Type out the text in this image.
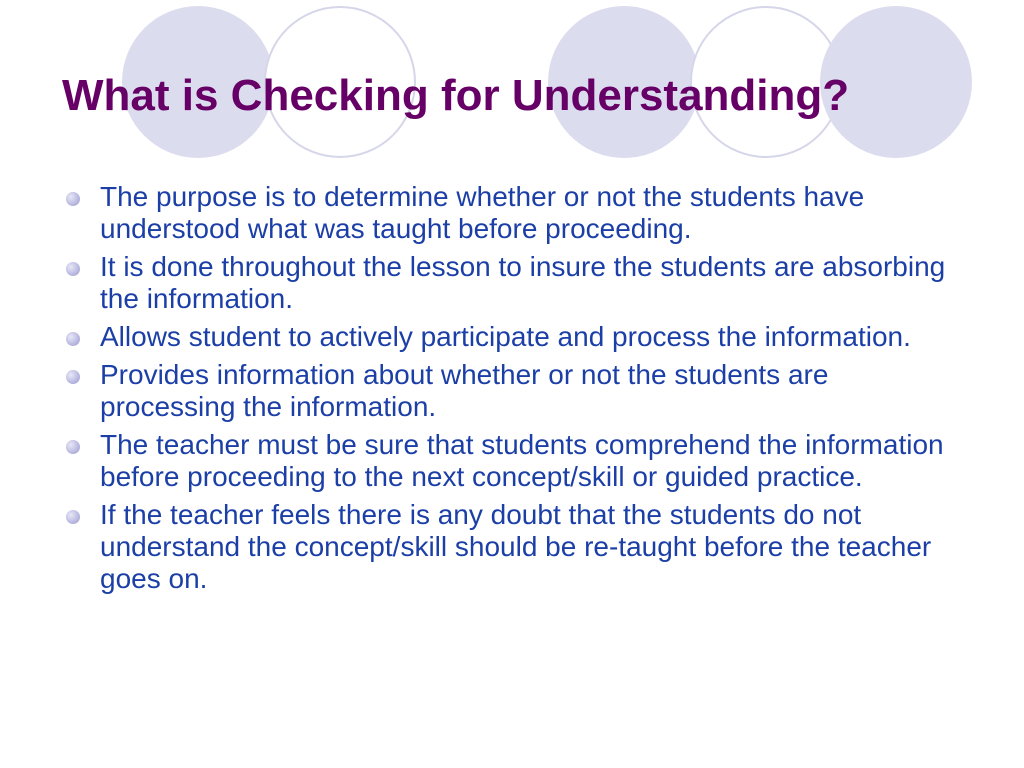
What is Checking for Understanding?
The purpose is to determine whether or not the students have understood what was taught before proceeding.
It is done throughout the lesson to insure the students are absorbing the information.
Allows student to actively participate and process the information.
Provides information about whether or not the students are processing the information.
The teacher must be sure that students comprehend the information before proceeding to the next concept/skill or guided practice.
If the teacher feels there is any doubt that the students do not understand the concept/skill should be re-taught before the teacher goes on.
